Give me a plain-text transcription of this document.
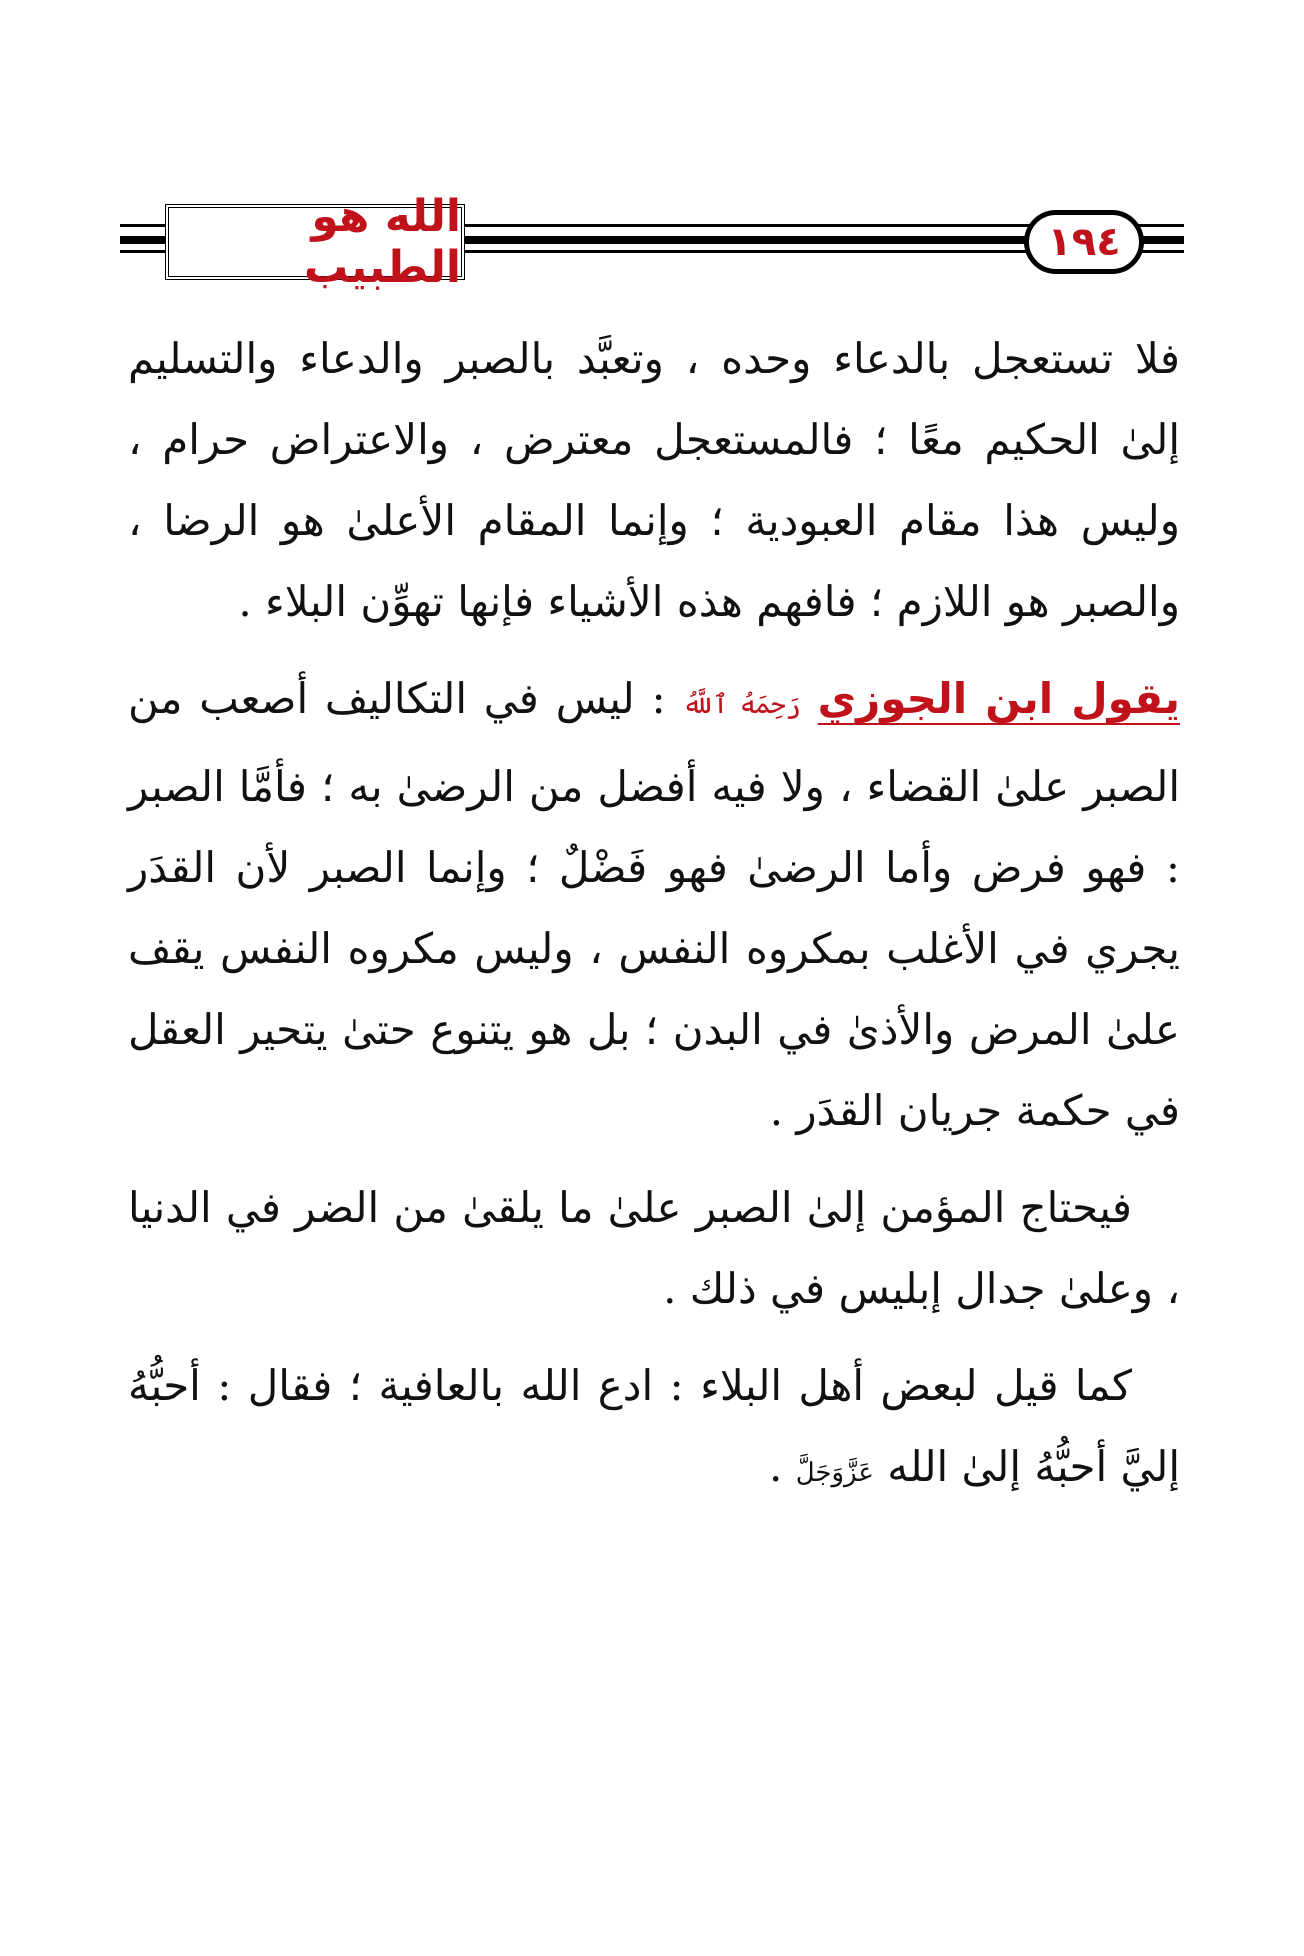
الله هو الطبيب	١٩٤

فلا تستعجل بالدعاء وحده ، وتعبَّد بالصبر والدعاء والتسليم إلىٰ الحكيم معًا ؛ فالمستعجل معترض ، والاعتراض حرام ، وليس هذا مقام العبودية ؛ وإنما المقام الأعلىٰ هو الرضا ، والصبر هو اللازم ؛ فافهم هذه الأشياء فإنها تهوِّن البلاء .

يقول ابن الجوزي رَحِمَهُ ٱللَّهُ : ليس في التكاليف أصعب من الصبر علىٰ القضاء ، ولا فيه أفضل من الرضىٰ به ؛ فأمَّا الصبر : فهو فرض وأما الرضىٰ فهو فَضْلٌ ؛ وإنما الصبر لأن القدَر يجري في الأغلب بمكروه النفس ، وليس مكروه النفس يقف علىٰ المرض والأذىٰ في البدن ؛ بل هو يتنوع حتىٰ يتحير العقل في حكمة جريان القدَر .

فيحتاج المؤمن إلىٰ الصبر علىٰ ما يلقىٰ من الضر في الدنيا ، وعلىٰ جدال إبليس في ذلك .

كما قيل لبعض أهل البلاء : ادع الله بالعافية ؛ فقال : أحبُّهُ إليَّ أحبُّهُ إلىٰ الله عَزَّوَجَلَّ .
